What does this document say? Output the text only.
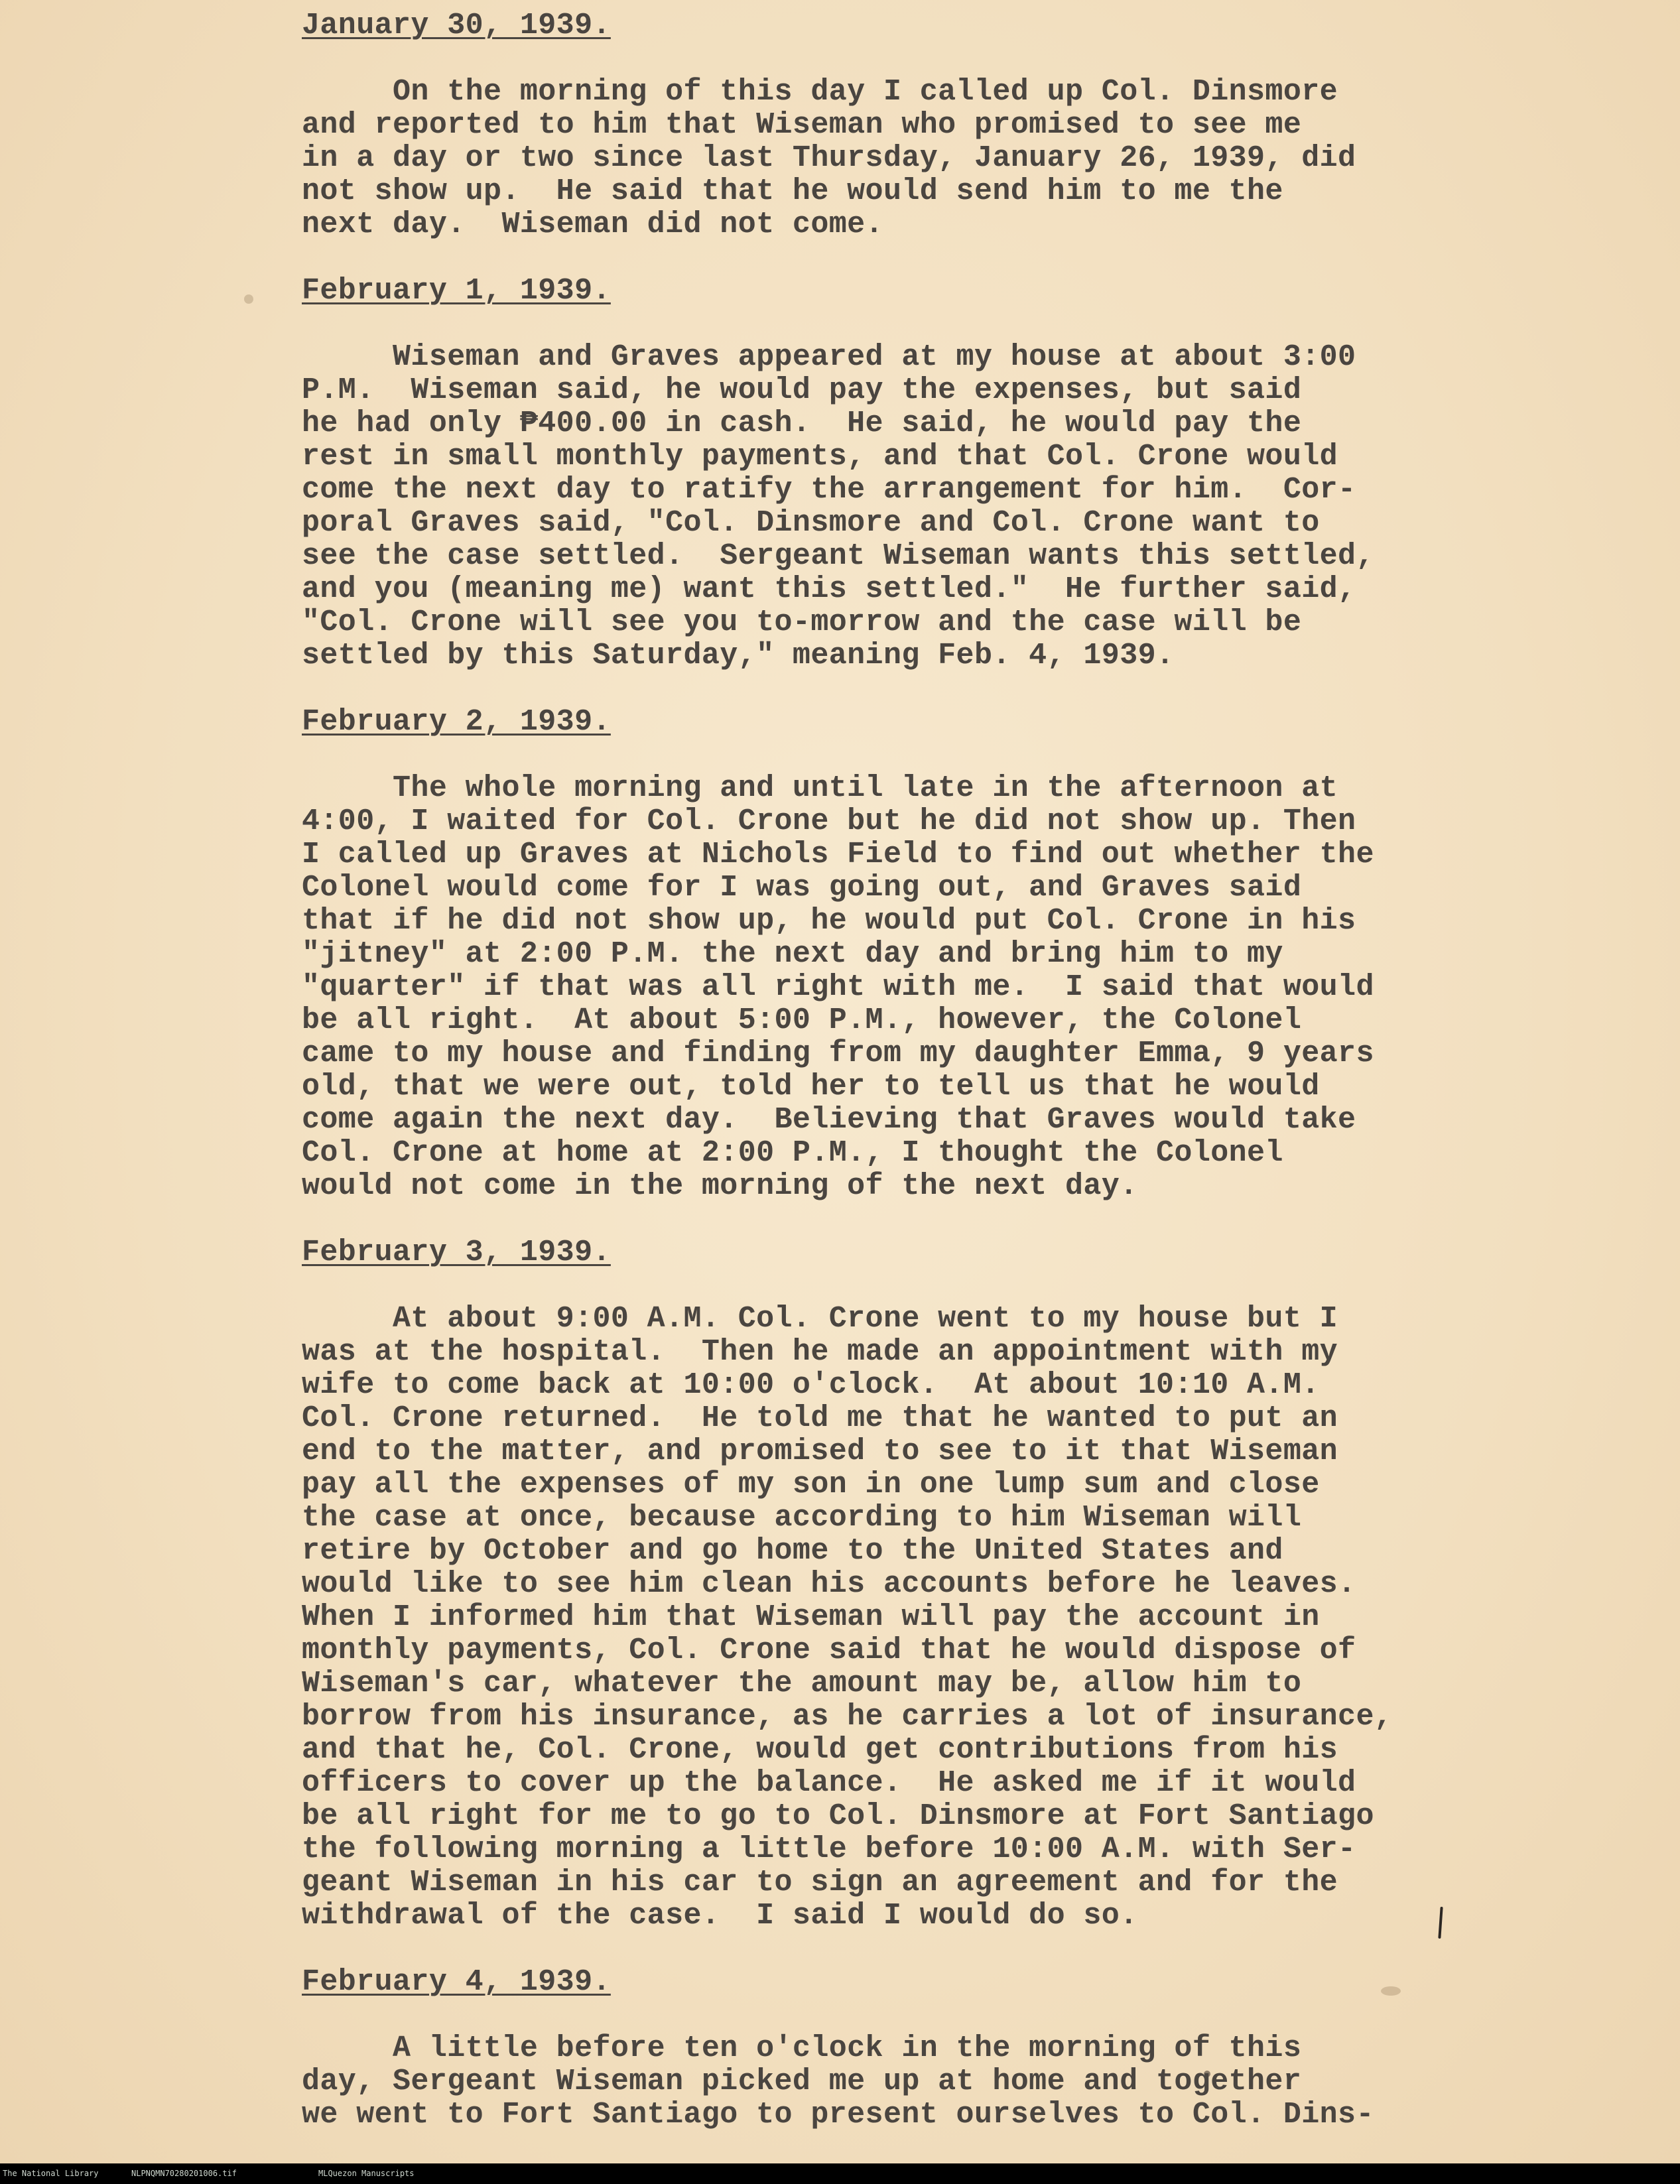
January 30, 1939.
On the morning of this day I called up Col. Dinsmore
and reported to him that Wiseman who promised to see me
in a day or two since last Thursday, January 26, 1939, did
not show up.  He said that he would send him to me the
next day.  Wiseman did not come.
February 1, 1939.
Wiseman and Graves appeared at my house at about 3:00
P.M.  Wiseman said, he would pay the expenses, but said
he had only ₱400.00 in cash.  He said, he would pay the
rest in small monthly payments, and that Col. Crone would
come the next day to ratify the arrangement for him.  Cor-
poral Graves said, "Col. Dinsmore and Col. Crone want to
see the case settled.  Sergeant Wiseman wants this settled,
and you (meaning me) want this settled."  He further said,
"Col. Crone will see you to-morrow and the case will be
settled by this Saturday," meaning Feb. 4, 1939.
February 2, 1939.
The whole morning and until late in the afternoon at
4:00, I waited for Col. Crone but he did not show up. Then
I called up Graves at Nichols Field to find out whether the
Colonel would come for I was going out, and Graves said
that if he did not show up, he would put Col. Crone in his
"jitney" at 2:00 P.M. the next day and bring him to my
"quarter" if that was all right with me.  I said that would
be all right.  At about 5:00 P.M., however, the Colonel
came to my house and finding from my daughter Emma, 9 years
old, that we were out, told her to tell us that he would
come again the next day.  Believing that Graves would take
Col. Crone at home at 2:00 P.M., I thought the Colonel
would not come in the morning of the next day.
February 3, 1939.
At about 9:00 A.M. Col. Crone went to my house but I
was at the hospital.  Then he made an appointment with my
wife to come back at 10:00 o'clock.  At about 10:10 A.M.
Col. Crone returned.  He told me that he wanted to put an
end to the matter, and promised to see to it that Wiseman
pay all the expenses of my son in one lump sum and close
the case at once, because according to him Wiseman will
retire by October and go home to the United States and
would like to see him clean his accounts before he leaves.
When I informed him that Wiseman will pay the account in
monthly payments, Col. Crone said that he would dispose of
Wiseman's car, whatever the amount may be, allow him to
borrow from his insurance, as he carries a lot of insurance,
and that he, Col. Crone, would get contributions from his
officers to cover up the balance.  He asked me if it would
be all right for me to go to Col. Dinsmore at Fort Santiago
the following morning a little before 10:00 A.M. with Ser-
geant Wiseman in his car to sign an agreement and for the
withdrawal of the case.  I said I would do so.
February 4, 1939.
A little before ten o'clock in the morning of this
day, Sergeant Wiseman picked me up at home and together
we went to Fort Santiago to present ourselves to Col. Dins-
The National Library	NLPNQMN70280201006.tif	MLQuezon Manuscripts
